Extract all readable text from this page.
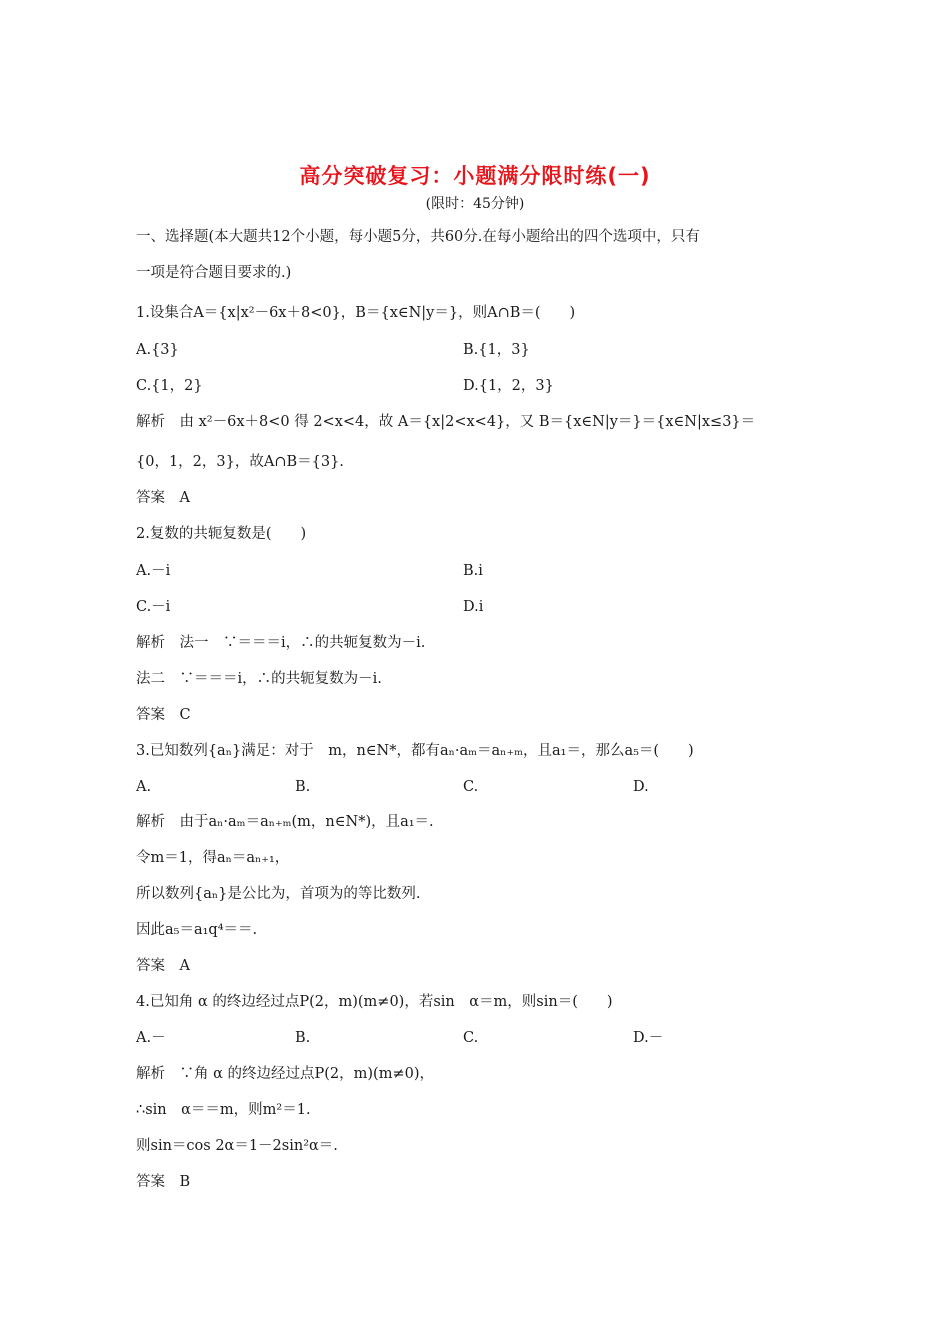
高分突破复习：小题满分限时练(一)
(限时：45分钟)
一、选择题(本大题共12个小题，每小题5分，共60分.在每小题给出的四个选项中，只有
一项是符合题目要求的.)
1.设集合A＝{x|x²－6x＋8<0}，B＝{x∈N|y＝}，则A∩B＝(　　)
A.{3}	B.{1，3}
C.{1，2}	D.{1，2，3}
解析　由 x²－6x＋8<0 得 2<x<4，故 A＝{x|2<x<4}，又 B＝{x∈N|y＝}＝{x∈N|x≤3}＝
{0，1，2，3}，故A∩B＝{3}.
答案　A
2.复数的共轭复数是(　　)
A.－i	B.i
C.－i	D.i
解析　法一　∵＝＝＝i，∴的共轭复数为－i.
法二　∵＝＝＝i，∴的共轭复数为－i.
答案　C
3.已知数列{aₙ}满足：对于　m，n∈N*，都有aₙ·aₘ＝aₙ₊ₘ，且a₁＝，那么a₅＝(　　)
A.	B.	C.	D.
解析　由于aₙ·aₘ＝aₙ₊ₘ(m，n∈N*)，且a₁＝.
令m＝1，得aₙ＝aₙ₊₁，
所以数列{aₙ}是公比为，首项为的等比数列.
因此a₅＝a₁q⁴＝＝.
答案　A
4.已知角 α 的终边经过点P(2，m)(m≠0)，若sin　α＝m，则sin＝(　　)
A.－	B.	C.	D.－
解析　∵角 α 的终边经过点P(2，m)(m≠0)，
∴sin　α＝＝m，则m²＝1.
则sin＝cos 2α＝1－2sin²α＝.
答案　B
